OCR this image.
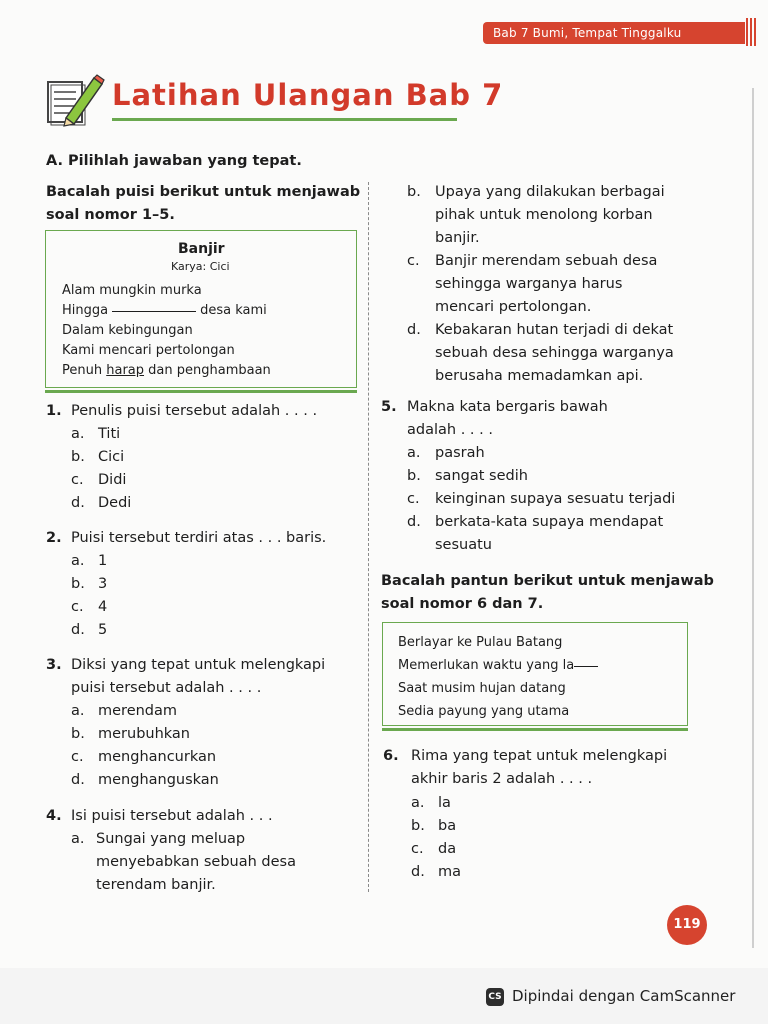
Bab 7 Bumi, Tempat Tinggalku
Latihan Ulangan Bab 7
A. Pilihlah jawaban yang tepat.
Bacalah puisi berikut untuk menjawab
soal nomor 1–5.
Banjir
Karya: Cici
Alam mungkin murka
Hingga	desa kami
Dalam kebingungan
Kami mencari pertolongan
Penuh harap dan penghambaan
1. Penulis puisi tersebut adalah . . . .
a. Titi
b. Cici
c. Didi
d. Dedi
2. Puisi tersebut terdiri atas . . . baris.
a. 1
b. 3
c. 4
d. 5
3. Diksi yang tepat untuk melengkapi
puisi tersebut adalah . . . .
a. merendam
b. merubuhkan
c. menghancurkan
d. menghanguskan
4. Isi puisi tersebut adalah . . .
a. Sungai yang meluap
menyebabkan sebuah desa
terendam banjir.
b. Upaya yang dilakukan berbagai
pihak untuk menolong korban
banjir.
c. Banjir merendam sebuah desa
sehingga warganya harus
mencari pertolongan.
d. Kebakaran hutan terjadi di dekat
sebuah desa sehingga warganya
berusaha memadamkan api.
5. Makna kata bergaris bawah
adalah . . . .
a. pasrah
b. sangat sedih
c. keinginan supaya sesuatu terjadi
d. berkata-kata supaya mendapat
sesuatu
Bacalah pantun berikut untuk menjawab
soal nomor 6 dan 7.
Berlayar ke Pulau Batang
Memerlukan waktu yang la
Saat musim hujan datang
Sedia payung yang utama
6. Rima yang tepat untuk melengkapi
akhir baris 2 adalah . . . .
a. la
b. ba
c. da
d. ma
119
CS Dipindai dengan CamScanner
